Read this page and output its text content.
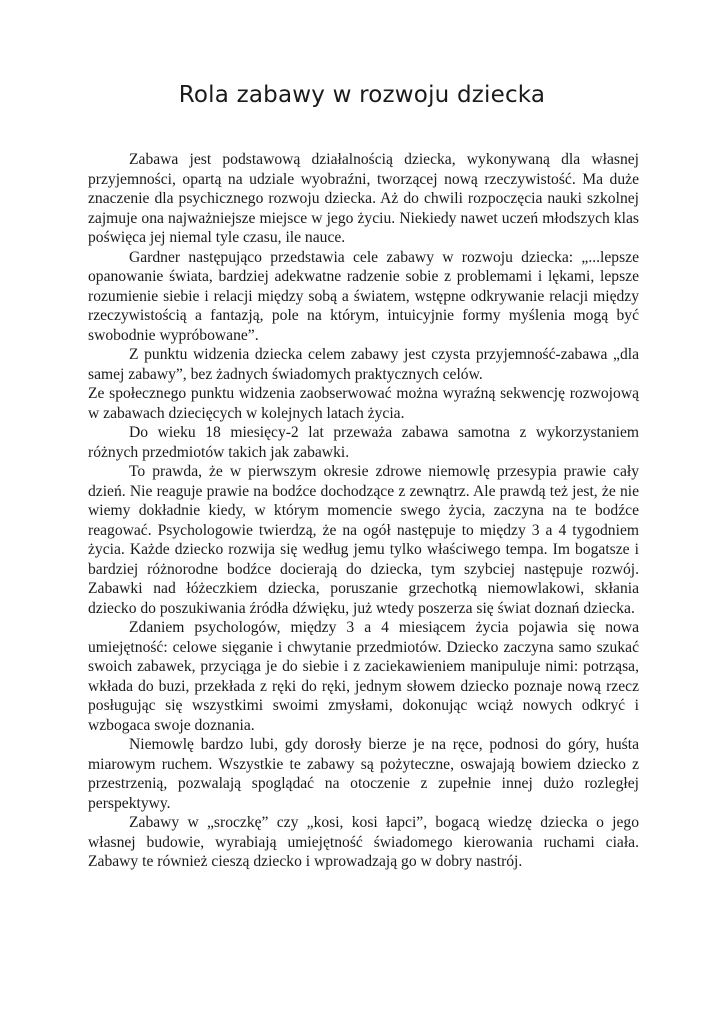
Rola zabawy w rozwoju dziecka

Zabawa jest podstawową działalnością dziecka, wykonywaną dla własnej przyjemności, opartą na udziale wyobraźni, tworzącej nową rzeczywistość. Ma duże znaczenie dla psychicznego rozwoju dziecka. Aż do chwili rozpoczęcia nauki szkolnej zajmuje ona najważniejsze miejsce w jego życiu. Niekiedy nawet uczeń młodszych klas poświęca jej niemal tyle czasu, ile nauce.

Gardner następująco przedstawia cele zabawy w rozwoju dziecka: „...lepsze opanowanie świata, bardziej adekwatne radzenie sobie z problemami i lękami, lepsze rozumienie siebie i relacji między sobą a światem, wstępne odkrywanie relacji między rzeczywistością a fantazją, pole na którym, intuicyjnie formy myślenia mogą być swobodnie wypróbowane”.

Z punktu widzenia dziecka celem zabawy jest czysta przyjemność-zabawa „dla samej zabawy”, bez żadnych świadomych praktycznych celów.

Ze społecznego punktu widzenia zaobserwować można wyraźną sekwencję rozwojową w zabawach dziecięcych w kolejnych latach życia.

Do wieku 18 miesięcy-2 lat przeważa zabawa samotna z wykorzystaniem różnych przedmiotów takich jak zabawki.

To prawda, że w pierwszym okresie zdrowe niemowlę przesypia prawie cały dzień. Nie reaguje prawie na bodźce dochodzące z zewnątrz. Ale prawdą też jest, że nie wiemy dokładnie kiedy, w którym momencie swego życia, zaczyna na te bodźce reagować. Psychologowie twierdzą, że na ogół następuje to między 3 a 4 tygodniem życia. Każde dziecko rozwija się według jemu tylko właściwego tempa. Im bogatsze i bardziej różnorodne bodźce docierają do dziecka, tym szybciej następuje rozwój. Zabawki nad łóżeczkiem dziecka, poruszanie grzechotką niemowlakowi, skłania dziecko do poszukiwania źródła dźwięku, już wtedy poszerza się świat doznań dziecka.

Zdaniem psychologów, między 3 a 4 miesiącem życia pojawia się nowa umiejętność: celowe sięganie i chwytanie przedmiotów. Dziecko zaczyna samo szukać swoich zabawek, przyciąga je do siebie i z zaciekawieniem manipuluje nimi: potrząsa, wkłada do buzi, przekłada z ręki do ręki, jednym słowem dziecko poznaje nową rzecz posługując się wszystkimi swoimi zmysłami, dokonując wciąż nowych odkryć i wzbogaca swoje doznania.

Niemowlę bardzo lubi, gdy dorosły bierze je na ręce, podnosi do góry, huśta miarowym ruchem. Wszystkie te zabawy są pożyteczne, oswajają bowiem dziecko z przestrzenią, pozwalają spoglądać na otoczenie z zupełnie innej dużo rozległej perspektywy.

Zabawy w „sroczkę” czy „kosi, kosi łapci”, bogacą wiedzę dziecka o jego własnej budowie, wyrabiają umiejętność świadomego kierowania ruchami ciała. Zabawy te również cieszą dziecko i wprowadzają go w dobry nastrój.
